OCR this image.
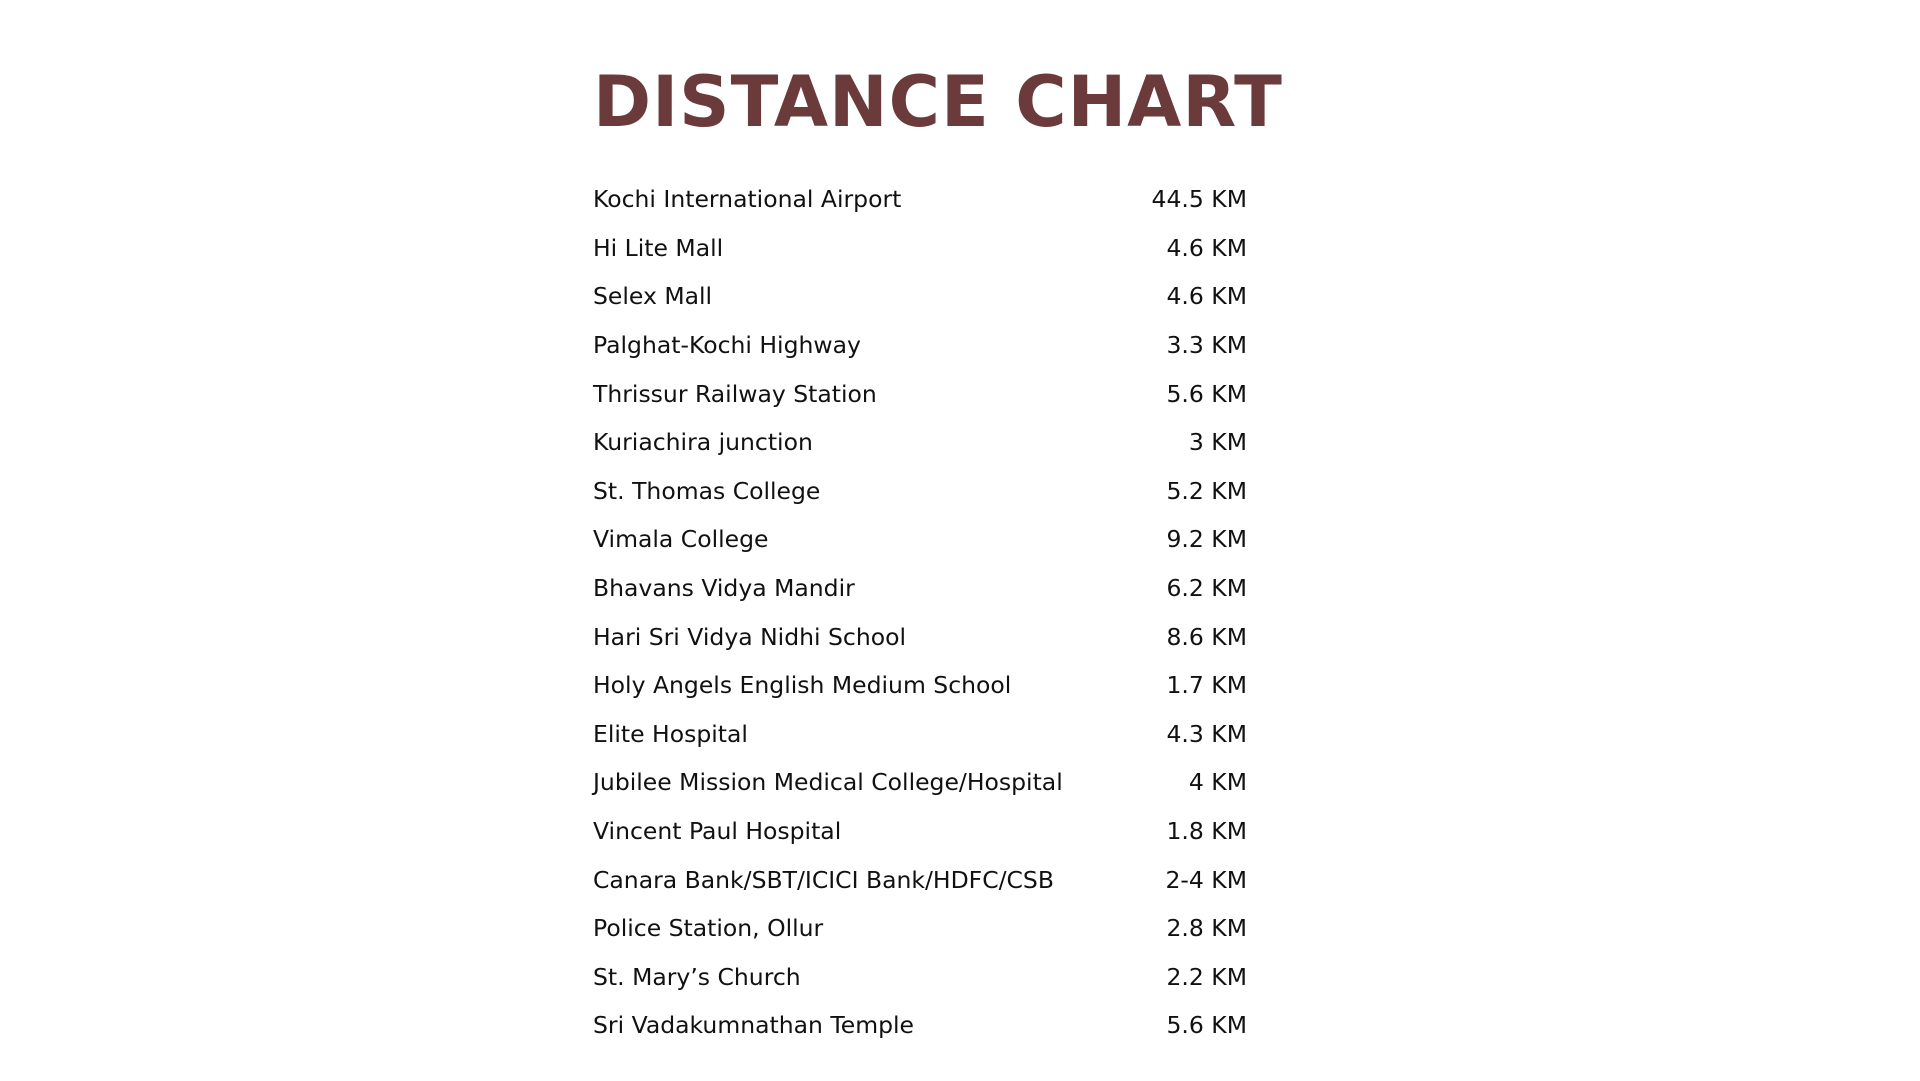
DISTANCE CHART
Kochi International Airport	44.5 KM
Hi Lite Mall	4.6 KM
Selex Mall	4.6 KM
Palghat-Kochi Highway	3.3 KM
Thrissur Railway Station	5.6 KM
Kuriachira junction	3 KM
St. Thomas College	5.2 KM
Vimala College	9.2 KM
Bhavans Vidya Mandir	6.2 KM
Hari Sri Vidya Nidhi School	8.6 KM
Holy Angels English Medium School	1.7 KM
Elite Hospital	4.3 KM
Jubilee Mission Medical College/Hospital	4 KM
Vincent Paul Hospital	1.8 KM
Canara Bank/SBT/ICICI Bank/HDFC/CSB	2-4 KM
Police Station, Ollur	2.8 KM
St. Mary’s Church	2.2 KM
Sri Vadakumnathan Temple	5.6 KM
